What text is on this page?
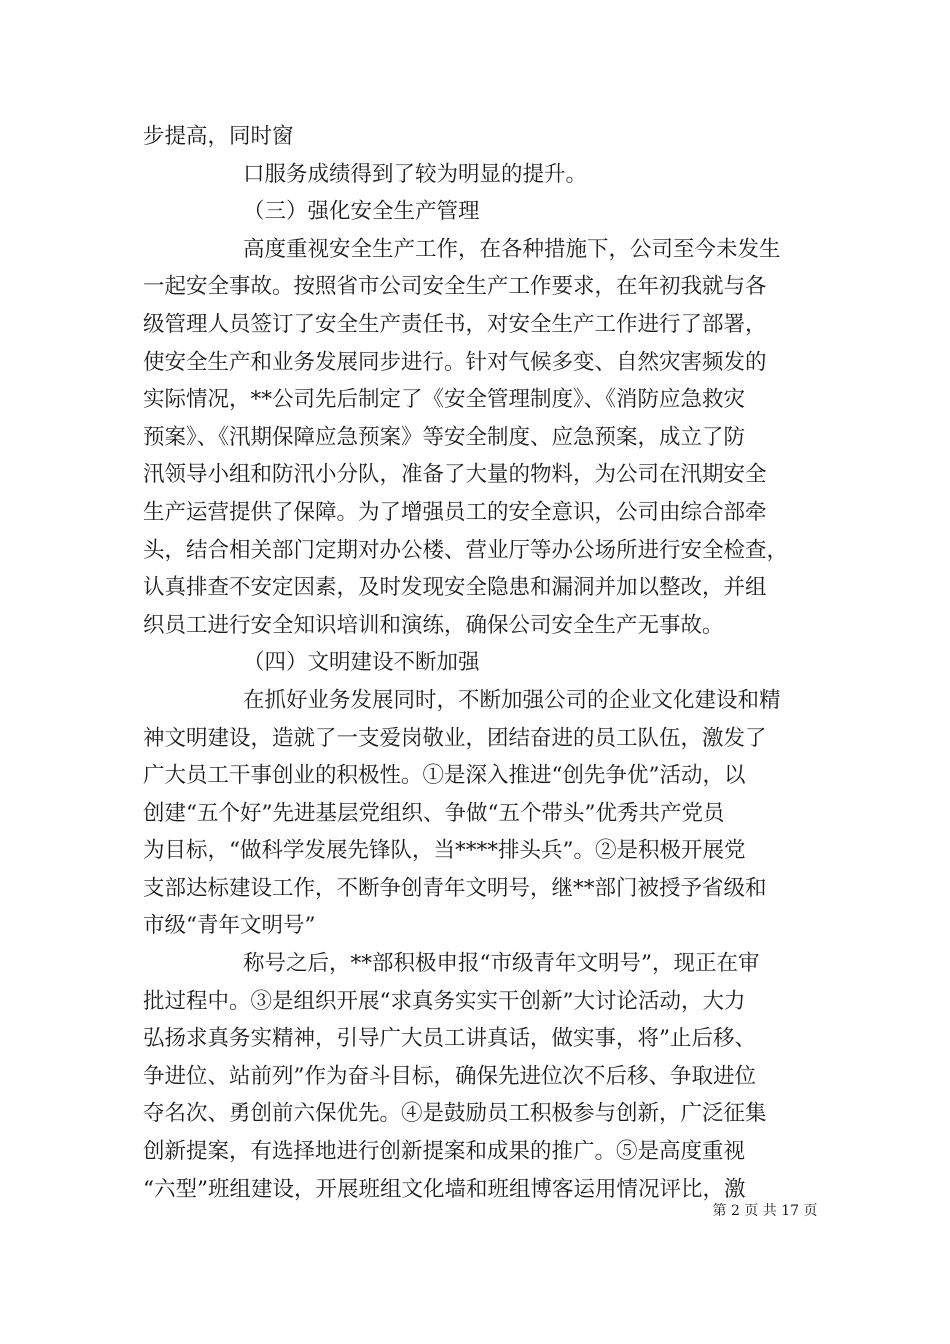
步提高，同时窗
口服务成绩得到了较为明显的提升。
（三）强化安全生产管理
高度重视安全生产工作，在各种措施下，公司至今未发生
一起安全事故。按照省市公司安全生产工作要求，在年初我就与各
级管理人员签订了安全生产责任书，对安全生产工作进行了部署，
使安全生产和业务发展同步进行。针对气候多变、自然灾害频发的
实际情况，**公司先后制定了《安全管理制度》、《消防应急救灾
预案》、《汛期保障应急预案》等安全制度、应急预案，成立了防
汛领导小组和防汛小分队，准备了大量的物料，为公司在汛期安全
生产运营提供了保障。为了增强员工的安全意识，公司由综合部牵
头，结合相关部门定期对办公楼、营业厅等办公场所进行安全检查，
认真排查不安定因素，及时发现安全隐患和漏洞并加以整改，并组
织员工进行安全知识培训和演练，确保公司安全生产无事故。
（四）文明建设不断加强
在抓好业务发展同时，不断加强公司的企业文化建设和精
神文明建设，造就了一支爱岗敬业，团结奋进的员工队伍，激发了
广大员工干事创业的积极性。①是深入推进“创先争优”活动，以
创建“五个好”先进基层党组织、争做“五个带头”优秀共产党员
为目标，“做科学发展先锋队，当****排头兵”。②是积极开展党
支部达标建设工作，不断争创青年文明号，继**部门被授予省级和
市级“青年文明号”
称号之后，**部积极申报“市级青年文明号”，现正在审
批过程中。③是组织开展“求真务实实干创新”大讨论活动，大力
弘扬求真务实精神，引导广大员工讲真话，做实事，将”止后移、
争进位、站前列”作为奋斗目标，确保先进位次不后移、争取进位
夺名次、勇创前六保优先。④是鼓励员工积极参与创新，广泛征集
创新提案，有选择地进行创新提案和成果的推广。⑤是高度重视
“六型”班组建设，开展班组文化墙和班组博客运用情况评比，激
第 2 页 共 17 页
